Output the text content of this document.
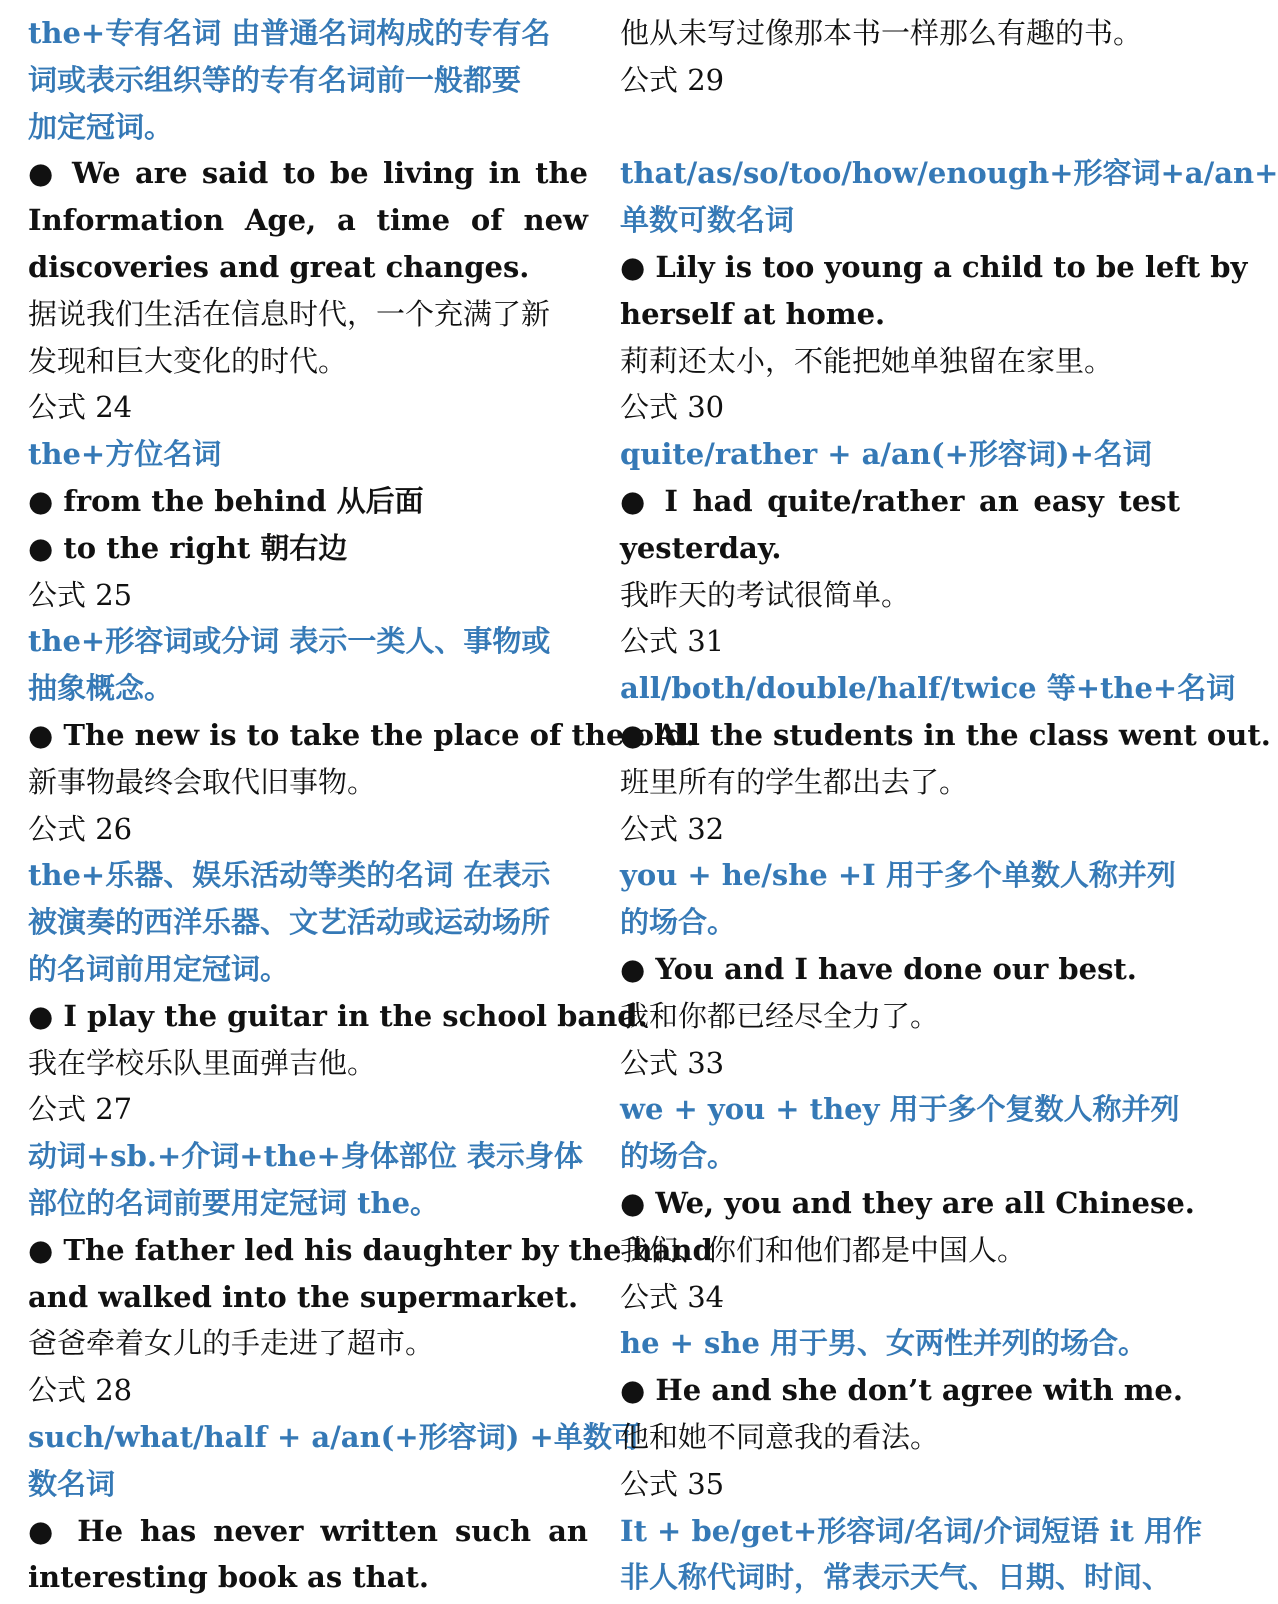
the+专有名词 由普通名词构成的专有名
词或表示组织等的专有名词前一般都要
加定冠词。
● We are said to be living in the
Information Age, a time of new
discoveries and great changes.
据说我们生活在信息时代，一个充满了新
发现和巨大变化的时代。
公式 24
the+方位名词
● from the behind 从后面
● to the right 朝右边
公式 25
the+形容词或分词 表示一类人、事物或
抽象概念。
● The new is to take the place of the old.
新事物最终会取代旧事物。
公式 26
the+乐器、娱乐活动等类的名词 在表示
被演奏的西洋乐器、文艺活动或运动场所
的名词前用定冠词。
● I play the guitar in the school band.
我在学校乐队里面弹吉他。
公式 27
动词+sb.+介词+the+身体部位 表示身体
部位的名词前要用定冠词 the。
● The father led his daughter by the hand
and walked into the supermarket.
爸爸牵着女儿的手走进了超市。
公式 28
such/what/half + a/an(+形容词) +单数可
数名词
● He has never written such an
interesting book as that.
他从未写过像那本书一样那么有趣的书。
公式 29
that/as/so/too/how/enough+形容词+a/an+
单数可数名词
● Lily is too young a child to be left by
herself at home.
莉莉还太小，不能把她单独留在家里。
公式 30
quite/rather + a/an(+形容词)+名词
● I had quite/rather an easy test
yesterday.
我昨天的考试很简单。
公式 31
all/both/double/half/twice 等+the+名词
● All the students in the class went out.
班里所有的学生都出去了。
公式 32
you + he/she +I 用于多个单数人称并列
的场合。
● You and I have done our best.
我和你都已经尽全力了。
公式 33
we + you + they 用于多个复数人称并列
的场合。
● We, you and they are all Chinese.
我们、你们和他们都是中国人。
公式 34
he + she 用于男、女两性并列的场合。
● He and she don’t agree with me.
他和她不同意我的看法。
公式 35
It + be/get+形容词/名词/介词短语 it 用作
非人称代词时，常表示天气、日期、时间、
